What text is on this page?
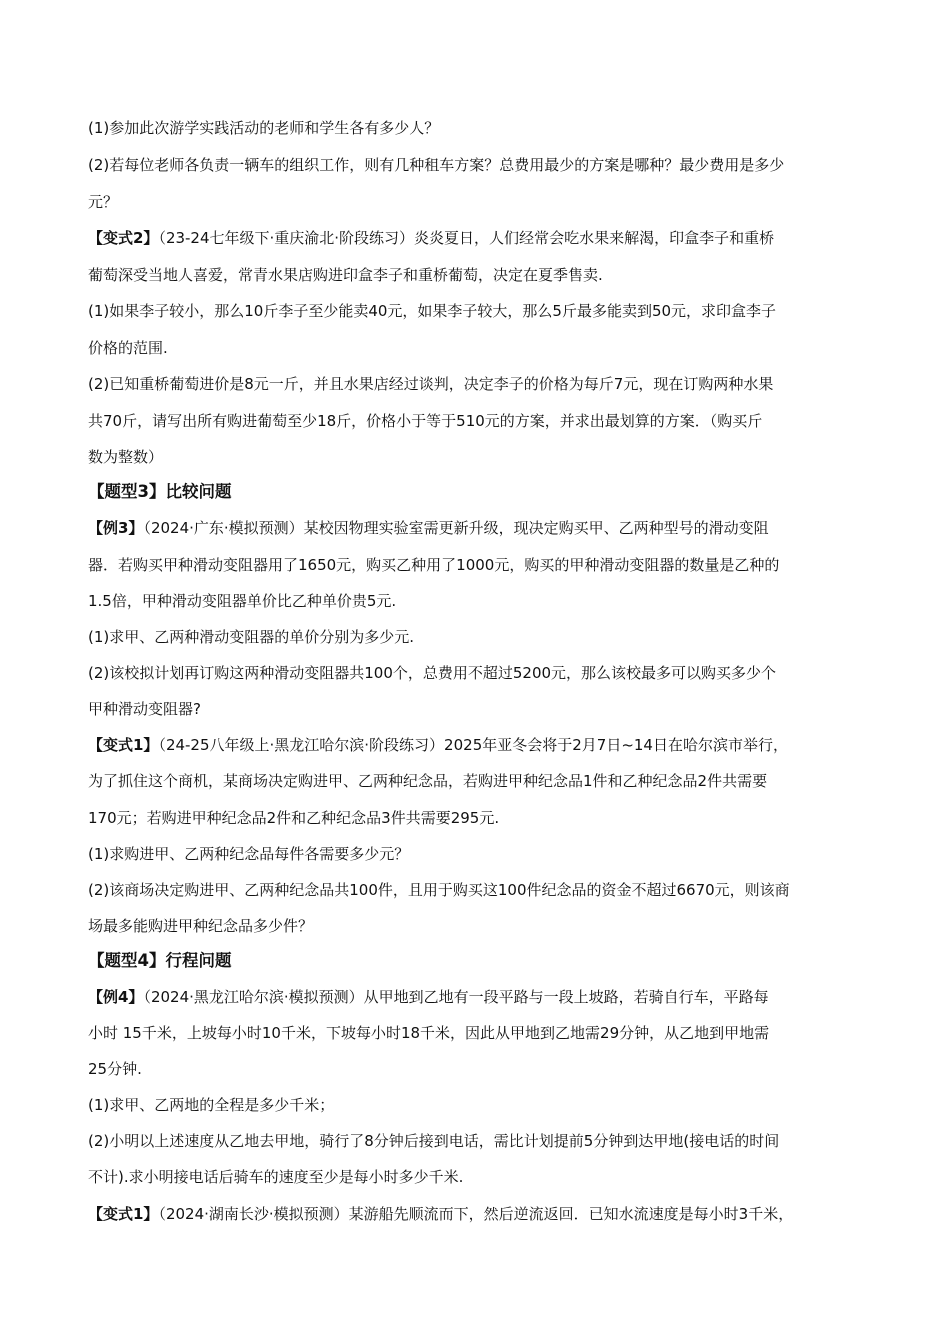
(1)参加此次游学实践活动的老师和学生各有多少人？
(2)若每位老师各负责一辆车的组织工作，则有几种租车方案？总费用最少的方案是哪种？最少费用是多少
元？
【变式2】（23-24七年级下·重庆渝北·阶段练习）炎炎夏日，人们经常会吃水果来解渴，印盒李子和重桥
葡萄深受当地人喜爱，常青水果店购进印盒李子和重桥葡萄，决定在夏季售卖.
(1)如果李子较小，那么10斤李子至少能卖40元，如果李子较大，那么5斤最多能卖到50元，求印盒李子
价格的范围.
(2)已知重桥葡萄进价是8元一斤，并且水果店经过谈判，决定李子的价格为每斤7元，现在订购两种水果
共70斤，请写出所有购进葡萄至少18斤，价格小于等于510元的方案，并求出最划算的方案．（购买斤
数为整数）
【题型3】比较问题
【例3】（2024·广东·模拟预测）某校因物理实验室需更新升级，现决定购买甲、乙两种型号的滑动变阻
器．若购买甲种滑动变阻器用了1650元，购买乙种用了1000元，购买的甲种滑动变阻器的数量是乙种的
1.5倍，甲种滑动变阻器单价比乙种单价贵5元.
(1)求甲、乙两种滑动变阻器的单价分别为多少元.
(2)该校拟计划再订购这两种滑动变阻器共100个，总费用不超过5200元，那么该校最多可以购买多少个
甲种滑动变阻器?
【变式1】（24-25八年级上·黑龙江哈尔滨·阶段练习）2025年亚冬会将于2月7日~14日在哈尔滨市举行，
为了抓住这个商机，某商场决定购进甲、乙两种纪念品，若购进甲种纪念品1件和乙种纪念品2件共需要
170元；若购进甲种纪念品2件和乙种纪念品3件共需要295元.
(1)求购进甲、乙两种纪念品每件各需要多少元？
(2)该商场决定购进甲、乙两种纪念品共100件，且用于购买这100件纪念品的资金不超过6670元，则该商
场最多能购进甲种纪念品多少件？
【题型4】行程问题
【例4】（2024·黑龙江哈尔滨·模拟预测）从甲地到乙地有一段平路与一段上坡路，若骑自行车，平路每
小时 15千米，上坡每小时10千米，下坡每小时18千米，因此从甲地到乙地需29分钟，从乙地到甲地需
25分钟.
(1)求甲、乙两地的全程是多少千米；
(2)小明以上述速度从乙地去甲地，骑行了8分钟后接到电话，需比计划提前5分钟到达甲地(接电话的时间
不计).求小明接电话后骑车的速度至少是每小时多少千米.
【变式1】（2024·湖南长沙·模拟预测）某游船先顺流而下，然后逆流返回．已知水流速度是每小时3千米，
